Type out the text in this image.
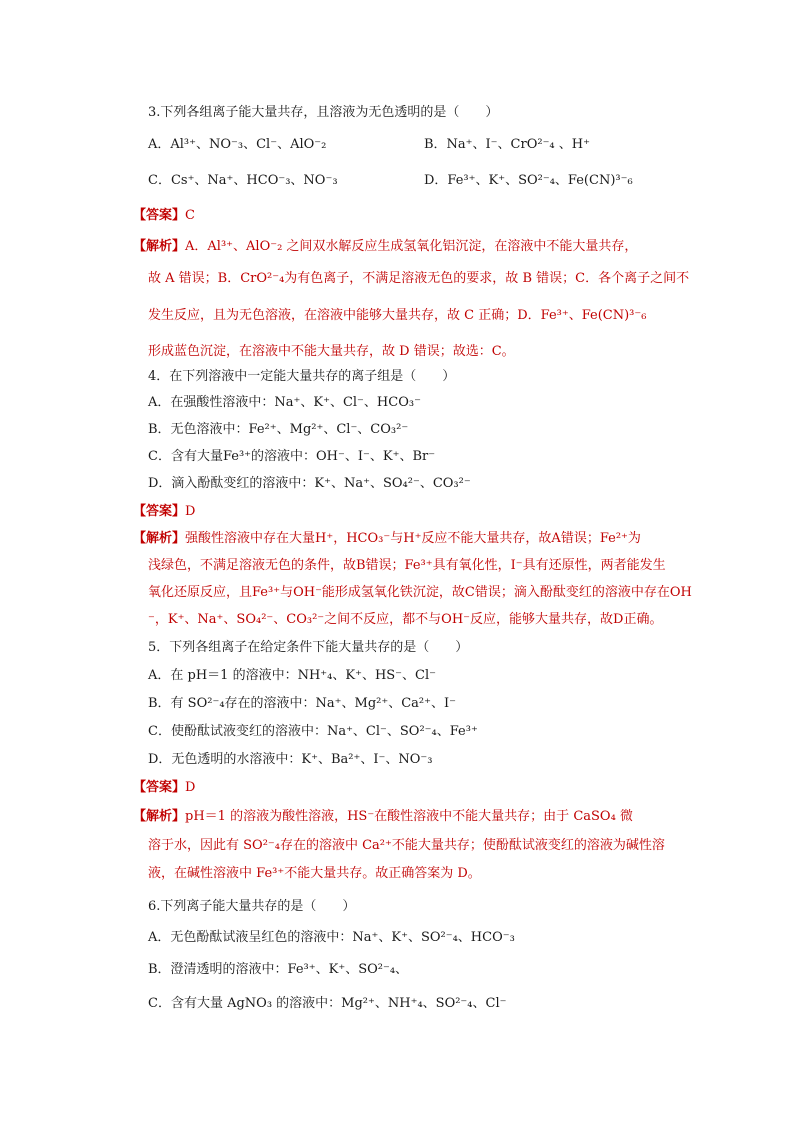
3.下列各组离子能大量共存，且溶液为无色透明的是（　　）
A．Al³⁺、NO⁻₃、Cl⁻、AlO⁻₂	B．Na⁺、I⁻、CrO²⁻₄ 、H⁺
C．Cs⁺、Na⁺、HCO⁻₃、NO⁻₃	D．Fe³⁺、K⁺、SO²⁻₄、Fe(CN)³⁻₆
【答案】C
【解析】A．Al³⁺、AlO⁻₂ 之间双水解反应生成氢氧化铝沉淀，在溶液中不能大量共存，
故 A 错误；B．CrO²⁻₄为有色离子，不满足溶液无色的要求，故 B 错误；C．各个离子之间不
发生反应，且为无色溶液，在溶液中能够大量共存，故 C 正确；D．Fe³⁺、Fe(CN)³⁻₆
形成蓝色沉淀，在溶液中不能大量共存，故 D 错误；故选：C。
4．在下列溶液中一定能大量共存的离子组是（　　）
A．在强酸性溶液中：Na⁺、K⁺、Cl⁻、HCO₃⁻
B．无色溶液中：Fe²⁺、Mg²⁺、Cl⁻、CO₃²⁻
C．含有大量Fe³⁺的溶液中：OH⁻、I⁻、K⁺、Br⁻
D．滴入酚酞变红的溶液中：K⁺、Na⁺、SO₄²⁻、CO₃²⁻
【答案】D
【解析】强酸性溶液中存在大量H⁺，HCO₃⁻与H⁺反应不能大量共存，故A错误；Fe²⁺为
浅绿色，不满足溶液无色的条件，故B错误；Fe³⁺具有氧化性，I⁻具有还原性，两者能发生
氧化还原反应，且Fe³⁺与OH⁻能形成氢氧化铁沉淀，故C错误；滴入酚酞变红的溶液中存在OH
⁻，K⁺、Na⁺、SO₄²⁻、CO₃²⁻之间不反应，都不与OH⁻反应，能够大量共存，故D正确。
5．下列各组离子在给定条件下能大量共存的是（　　）
A．在 pH＝1 的溶液中：NH⁺₄、K⁺、HS⁻、Cl⁻
B．有 SO²⁻₄存在的溶液中：Na⁺、Mg²⁺、Ca²⁺、I⁻
C．使酚酞试液变红的溶液中：Na⁺、Cl⁻、SO²⁻₄、Fe³⁺
D．无色透明的水溶液中：K⁺、Ba²⁺、I⁻、NO⁻₃
【答案】D
【解析】pH＝1 的溶液为酸性溶液，HS⁻在酸性溶液中不能大量共存；由于 CaSO₄ 微
溶于水，因此有 SO²⁻₄存在的溶液中 Ca²⁺不能大量共存；使酚酞试液变红的溶液为碱性溶
液，在碱性溶液中 Fe³⁺不能大量共存。故正确答案为 D。
6.下列离子能大量共存的是（　　）
A．无色酚酞试液呈红色的溶液中：Na⁺、K⁺、SO²⁻₄、HCO⁻₃
B．澄清透明的溶液中：Fe³⁺、K⁺、SO²⁻₄、
C．含有大量 AgNO₃ 的溶液中：Mg²⁺、NH⁺₄、SO²⁻₄、Cl⁻
